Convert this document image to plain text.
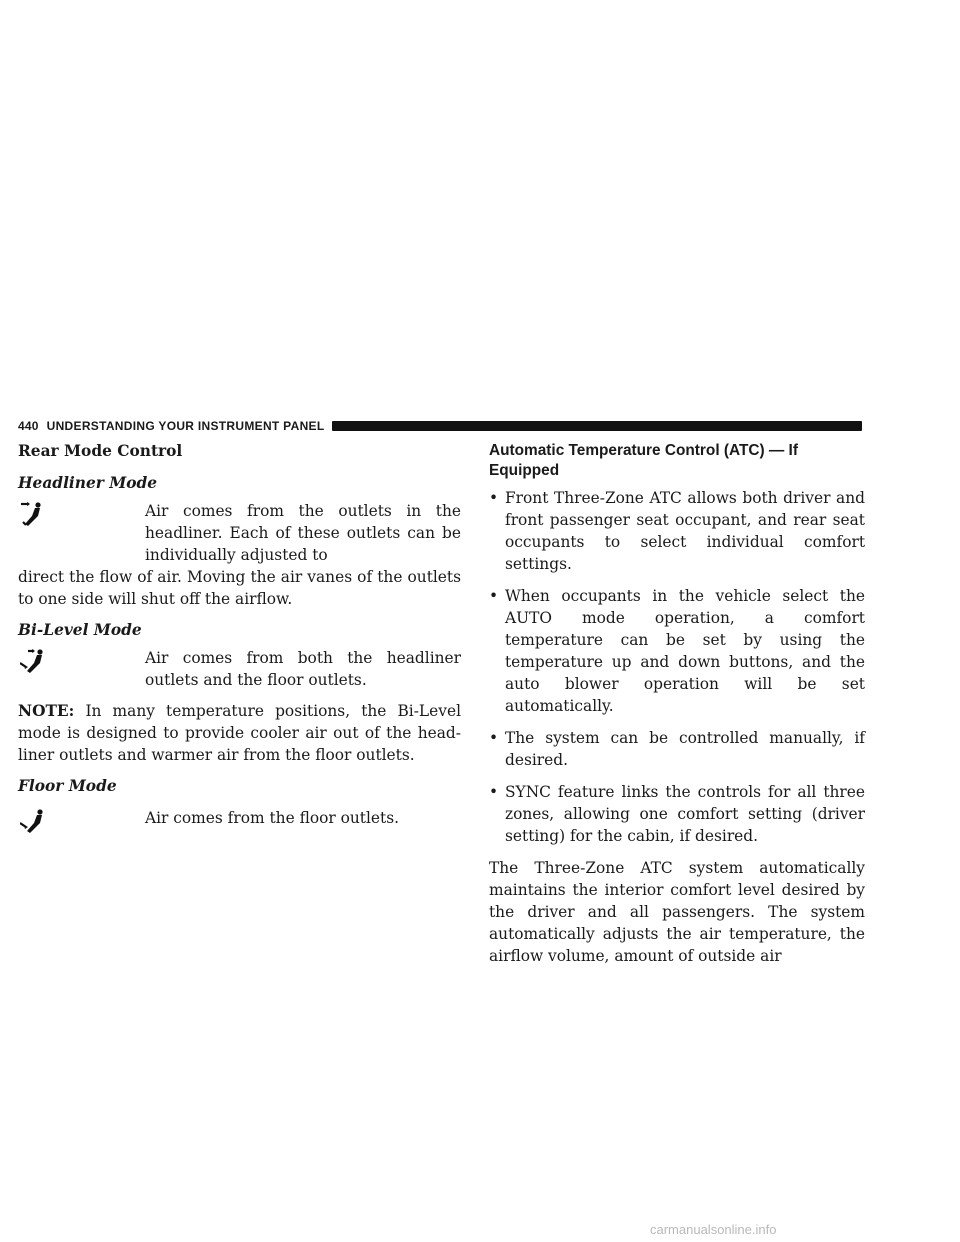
440 UNDERSTANDING YOUR INSTRUMENT PANEL
Rear Mode Control
Headliner Mode

Air comes from the outlets in the headliner. Each of these outlets can be individually adjusted to

direct the flow of air. Moving the air vanes of the outlets to one side will shut off the airflow.

Bi-Level Mode

Air comes from both the headliner outlets and the floor outlets.

NOTE: In many temperature positions, the Bi-Level mode is designed to provide cooler air out of the head- liner outlets and warmer air from the floor outlets.

Floor Mode

Air comes from the floor outlets.

Automatic Temperature Control (ATC) — If Equipped
• Front Three-Zone ATC allows both driver and front passenger seat occupant, and rear seat occupants to select individual comfort settings.
• When occupants in the vehicle select the AUTO mode operation, a comfort temperature can be set by using the temperature up and down buttons, and the auto blower operation will be set automatically.
• The system can be controlled manually, if desired.
• SYNC feature links the controls for all three zones, allowing one comfort setting (driver setting) for the cabin, if desired.

The Three-Zone ATC system automatically maintains the interior comfort level desired by the driver and all passengers. The system automatically adjusts the air temperature, the airflow volume, amount of outside air

carmanualsonline.info
